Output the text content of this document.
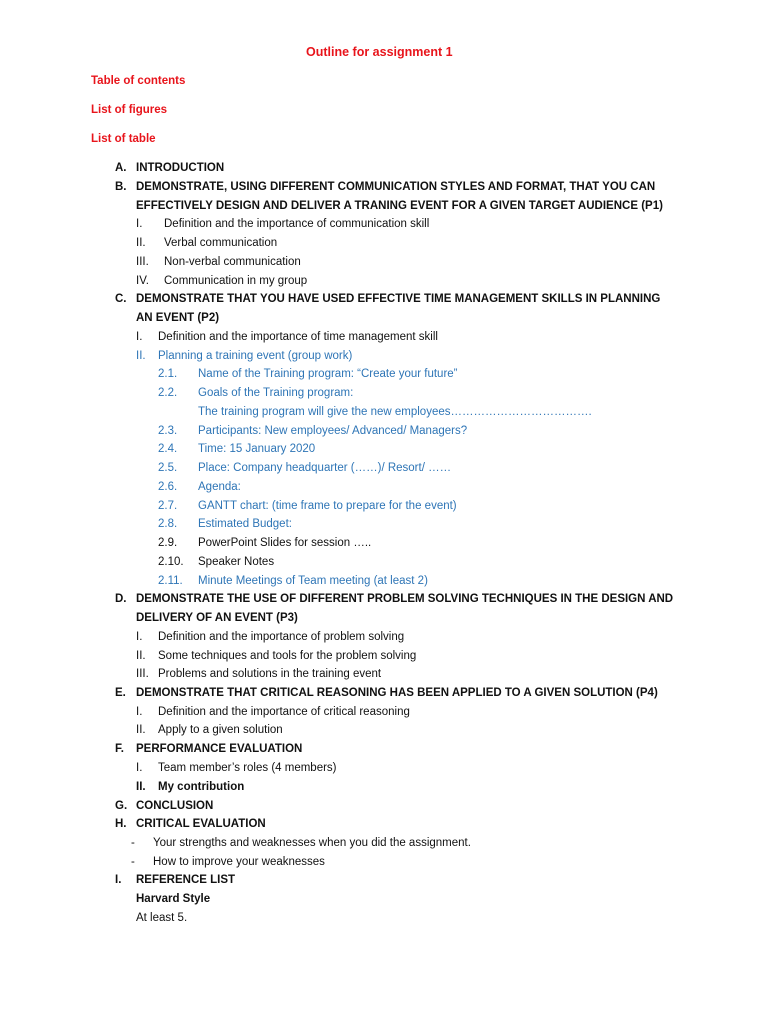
Outline for assignment 1
Table of contents
List of figures
List of table
A. INTRODUCTION
B. DEMONSTRATE, USING DIFFERENT COMMUNICATION STYLES AND FORMAT, THAT YOU CAN
EFFECTIVELY DESIGN AND DELIVER A TRANING EVENT FOR A GIVEN TARGET AUDIENCE (P1)
I. Definition and the importance of communication skill
II. Verbal communication
III. Non-verbal communication
IV. Communication in my group
C. DEMONSTRATE THAT YOU HAVE USED EFFECTIVE TIME MANAGEMENT SKILLS IN PLANNING
AN EVENT (P2)
I. Definition and the importance of time management skill
II. Planning a training event (group work)
2.1. Name of the Training program: “Create your future”
2.2. Goals of the Training program:
The training program will give the new employees……………………………….
2.3. Participants: New employees/ Advanced/ Managers?
2.4. Time: 15 January 2020
2.5. Place: Company headquarter (……)/ Resort/ ……
2.6. Agenda:
2.7. GANTT chart: (time frame to prepare for the event)
2.8. Estimated Budget:
2.9. PowerPoint Slides for session …..
2.10. Speaker Notes
2.11. Minute Meetings of Team meeting (at least 2)
D. DEMONSTRATE THE USE OF DIFFERENT PROBLEM SOLVING TECHNIQUES IN THE DESIGN AND
DELIVERY OF AN EVENT (P3)
I. Definition and the importance of problem solving
II. Some techniques and tools for the problem solving
III. Problems and solutions in the training event
E. DEMONSTRATE THAT CRITICAL REASONING HAS BEEN APPLIED TO A GIVEN SOLUTION (P4)
I. Definition and the importance of critical reasoning
II. Apply to a given solution
F. PERFORMANCE EVALUATION
I. Team member’s roles (4 members)
II. My contribution
G. CONCLUSION
H. CRITICAL EVALUATION
- Your strengths and weaknesses when you did the assignment.
- How to improve your weaknesses
I. REFERENCE LIST
Harvard Style
At least 5.
